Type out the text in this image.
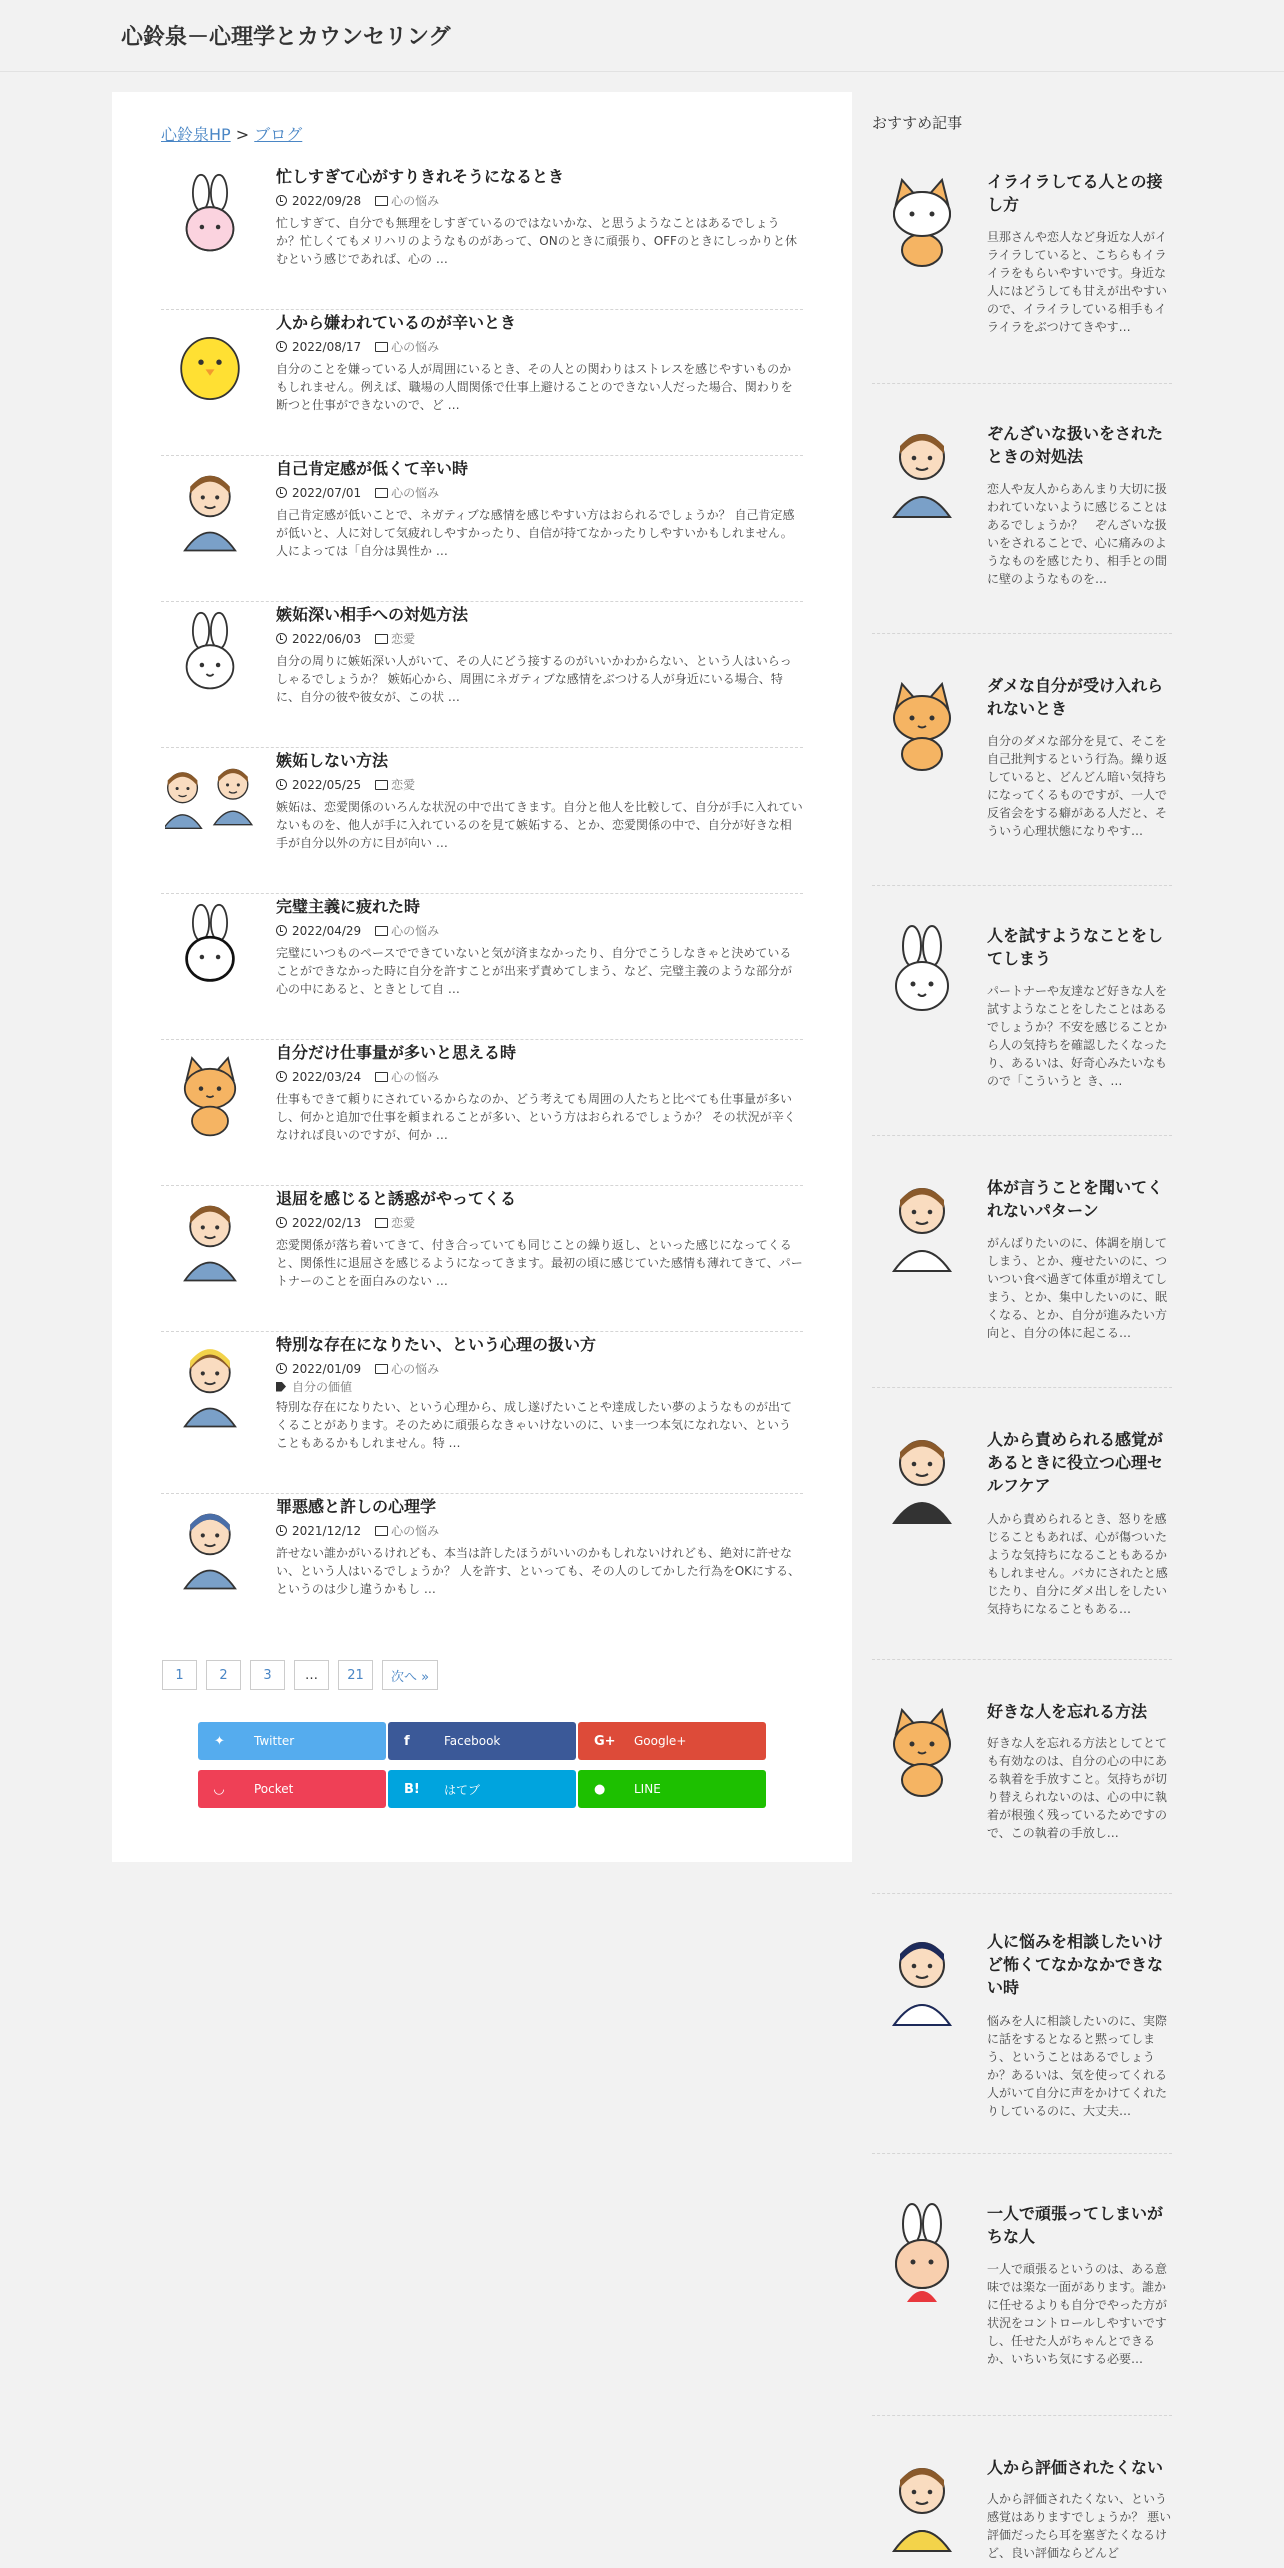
心鈴泉－心理学とカウンセリング
心鈴泉HP > ブログ
忙しすぎて心がすりきれそうになるとき
2022/09/28	心の悩み
忙しすぎて、自分でも無理をしすぎているのではないかな、と思うようなことはあるでしょうか？忙しくてもメリハリのようなものがあって、ONのときに頑張り、OFFのときにしっかりと休むという感じであれば、心の …
人から嫌われているのが辛いとき
2022/08/17	心の悩み
自分のことを嫌っている人が周囲にいるとき、その人との関わりはストレスを感じやすいものかもしれません。例えば、職場の人間関係で仕事上避けることのできない人だった場合、関わりを断つと仕事ができないので、ど …
自己肯定感が低くて辛い時
2022/07/01	心の悩み
自己肯定感が低いことで、ネガティブな感情を感じやすい方はおられるでしょうか？ 自己肯定感が低いと、人に対して気疲れしやすかったり、自信が持てなかったりしやすいかもしれません。人によっては「自分は異性か …
嫉妬深い相手への対処方法
2022/06/03	恋愛
自分の周りに嫉妬深い人がいて、その人にどう接するのがいいかわからない、という人はいらっしゃるでしょうか？ 嫉妬心から、周囲にネガティブな感情をぶつける人が身近にいる場合、特に、自分の彼や彼女が、この状 …
嫉妬しない方法
2022/05/25	恋愛
嫉妬は、恋愛関係のいろんな状況の中で出てきます。自分と他人を比較して、自分が手に入れていないものを、他人が手に入れているのを見て嫉妬する、とか、恋愛関係の中で、自分が好きな相手が自分以外の方に目が向い …
完璧主義に疲れた時
2022/04/29	心の悩み
完璧にいつものペースでできていないと気が済まなかったり、自分でこうしなきゃと決めていることができなかった時に自分を許すことが出来ず責めてしまう、など、完璧主義のような部分が心の中にあると、ときとして自 …
自分だけ仕事量が多いと思える時
2022/03/24	心の悩み
仕事もできて頼りにされているからなのか、どう考えても周囲の人たちと比べても仕事量が多いし、何かと追加で仕事を頼まれることが多い、という方はおられるでしょうか？ その状況が辛くなければ良いのですが、何か …
退屈を感じると誘惑がやってくる
2022/02/13	恋愛
恋愛関係が落ち着いてきて、付き合っていても同じことの繰り返し、といった感じになってくると、関係性に退屈さを感じるようになってきます。最初の頃に感じていた感情も薄れてきて、パートナーのことを面白みのない …
特別な存在になりたい、という心理の扱い方
2022/01/09	心の悩み
自分の価値
特別な存在になりたい、という心理から、成し遂げたいことや達成したい夢のようなものが出てくることがあります。そのために頑張らなきゃいけないのに、いま一つ本気になれない、ということもあるかもしれません。特 …
罪悪感と許しの心理学
2021/12/12	心の悩み
許せない誰かがいるけれども、本当は許したほうがいいのかもしれないけれども、絶対に許せない、という人はいるでしょうか？ 人を許す、といっても、その人のしてかした行為をOKにする、というのは少し違うかもし …
1	2	3	…	21	次へ »
✦	Twitter	f	Facebook	G+	Google+
◡	Pocket	B!	はてブ	●	LINE
おすすめ記事
イライラしてる人との接し方
旦那さんや恋人など身近な人がイライラしていると、こちらもイライラをもらいやすいです。身近な人にはどうしても甘えが出やすいので、イライラしている相手もイライラをぶつけてきやす…
ぞんざいな扱いをされたときの対処法
恋人や友人からあんまり大切に扱われていないように感じることはあるでしょうか？　ぞんざいな扱いをされることで、心に痛みのようなものを感じたり、相手との間に壁のようなものを…
ダメな自分が受け入れられないとき
自分のダメな部分を見て、そこを自己批判するという行為。繰り返していると、どんどん暗い気持ちになってくるものですが、一人で反省会をする癖がある人だと、そういう心理状態になりやす…
人を試すようなことをしてしまう
パートナーや友達など好きな人を試すようなことをしたことはあるでしょうか？不安を感じることから人の気持ちを確認したくなったり、あるいは、好奇心みたいなもので「こういうと き、…
体が言うことを聞いてくれないパターン
がんばりたいのに、体調を崩してしまう、とか、痩せたいのに、ついつい食べ過ぎて体重が増えてしまう、とか、集中したいのに、眠くなる、とか、自分が進みたい方向と、自分の体に起こる…
人から責められる感覚があるときに役立つ心理セルフケア
人から責められるとき、怒りを感じることもあれば、心が傷ついたような気持ちになることもあるかもしれません。バカにされたと感じたり、自分にダメ出しをしたい気持ちになることもある…
好きな人を忘れる方法
好きな人を忘れる方法としてとても有効なのは、自分の心の中にある執着を手放すこと。気持ちが切り替えられないのは、心の中に執着が根強く残っているためですので、この執着の手放し…
人に悩みを相談したいけど怖くてなかなかできない時
悩みを人に相談したいのに、実際に話をするとなると黙ってしまう、ということはあるでしょうか？あるいは、気を使ってくれる人がいて自分に声をかけてくれたりしているのに、大丈夫…
一人で頑張ってしまいがちな人
一人で頑張るというのは、ある意味では楽な一面があります。誰かに任せるよりも自分でやった方が状況をコントロールしやすいですし、任せた人がちゃんとできるか、いちいち気にする必要…
人から評価されたくない
人から評価されたくない、という感覚はありますでしょうか？ 悪い評価だったら耳を塞ぎたくなるけど、良い評価ならどんど
